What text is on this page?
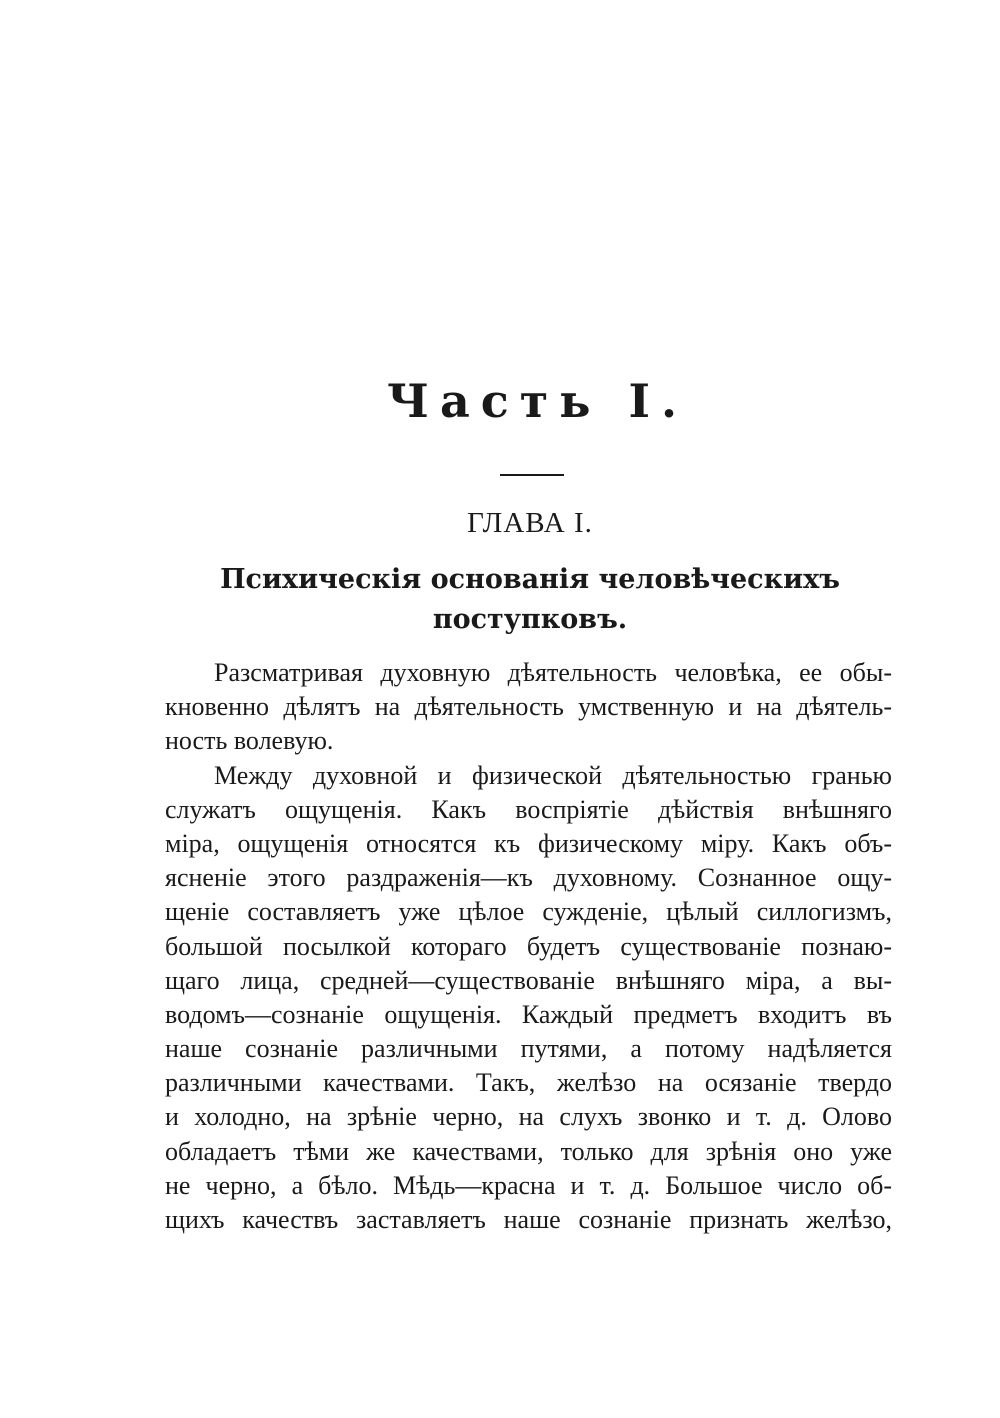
Часть I.
ГЛАВА I.
Психическія основанія человѣческихъ
поступковъ.
Разсматривая духовную дѣятельность человѣка, ее обы-
кновенно дѣлятъ на дѣятельность умственную и на дѣятель-
ность волевую.
Между духовной и физической дѣятельностью гранью
служатъ ощущенія. Какъ воспріятіе дѣйствія внѣшняго
міра, ощущенія относятся къ физическому міру. Какъ объ-
ясненіе этого раздраженія—къ духовному. Сознанное ощу-
щеніе составляетъ уже цѣлое сужденіе, цѣлый силлогизмъ,
большой посылкой котораго будетъ существованіе познаю-
щаго лица, средней—существованіе внѣшняго міра, а вы-
водомъ—сознаніе ощущенія. Каждый предметъ входитъ въ
наше сознаніе различными путями, а потому надѣляется
различными качествами. Такъ, желѣзо на осязаніе твердо
и холодно, на зрѣніе черно, на слухъ звонко и т. д. Олово
обладаетъ тѣми же качествами, только для зрѣнія оно уже
не черно, а бѣло. Мѣдь—красна и т. д. Большое число об-
щихъ качествъ заставляетъ наше сознаніе признать желѣзо,
